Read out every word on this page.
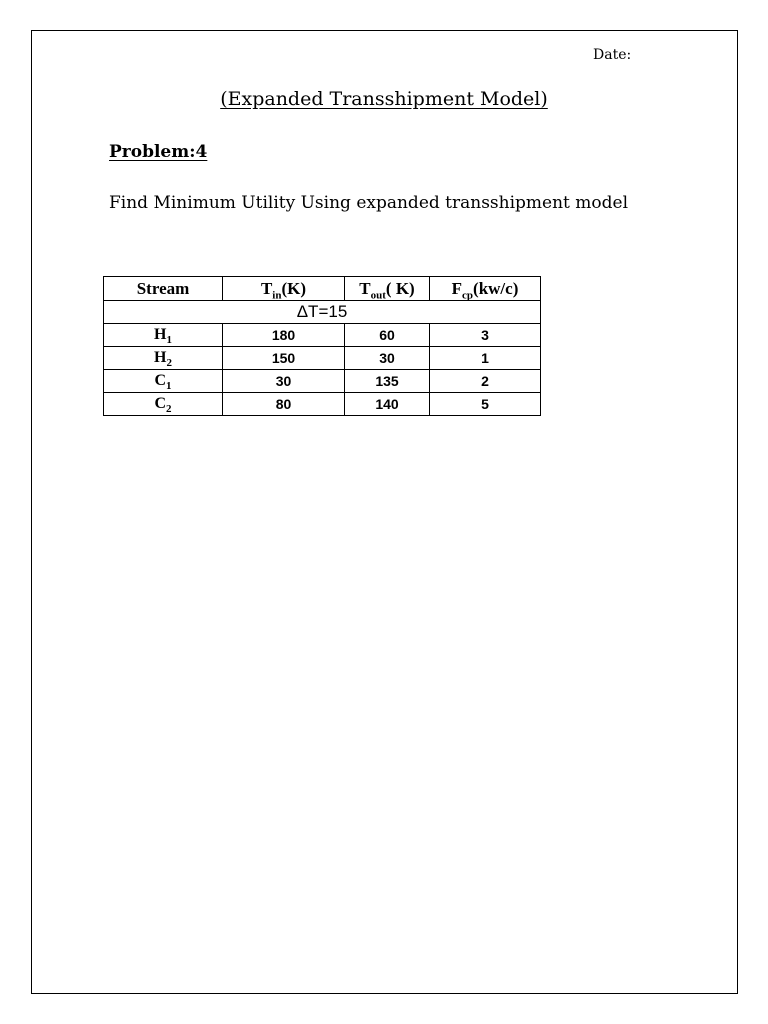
Date:
(Expanded Transshipment Model)
Problem:4
Find Minimum Utility Using expanded transshipment model
Stream	$T_{in}(K)$	$T_{out}$( K)	$F_{cp}(kw/c)$
ΔT=15			
$H_1$	180	60	3
$H_2$	150	30	1
$C_1$	30	135	2
$C_2$	80	140	5
